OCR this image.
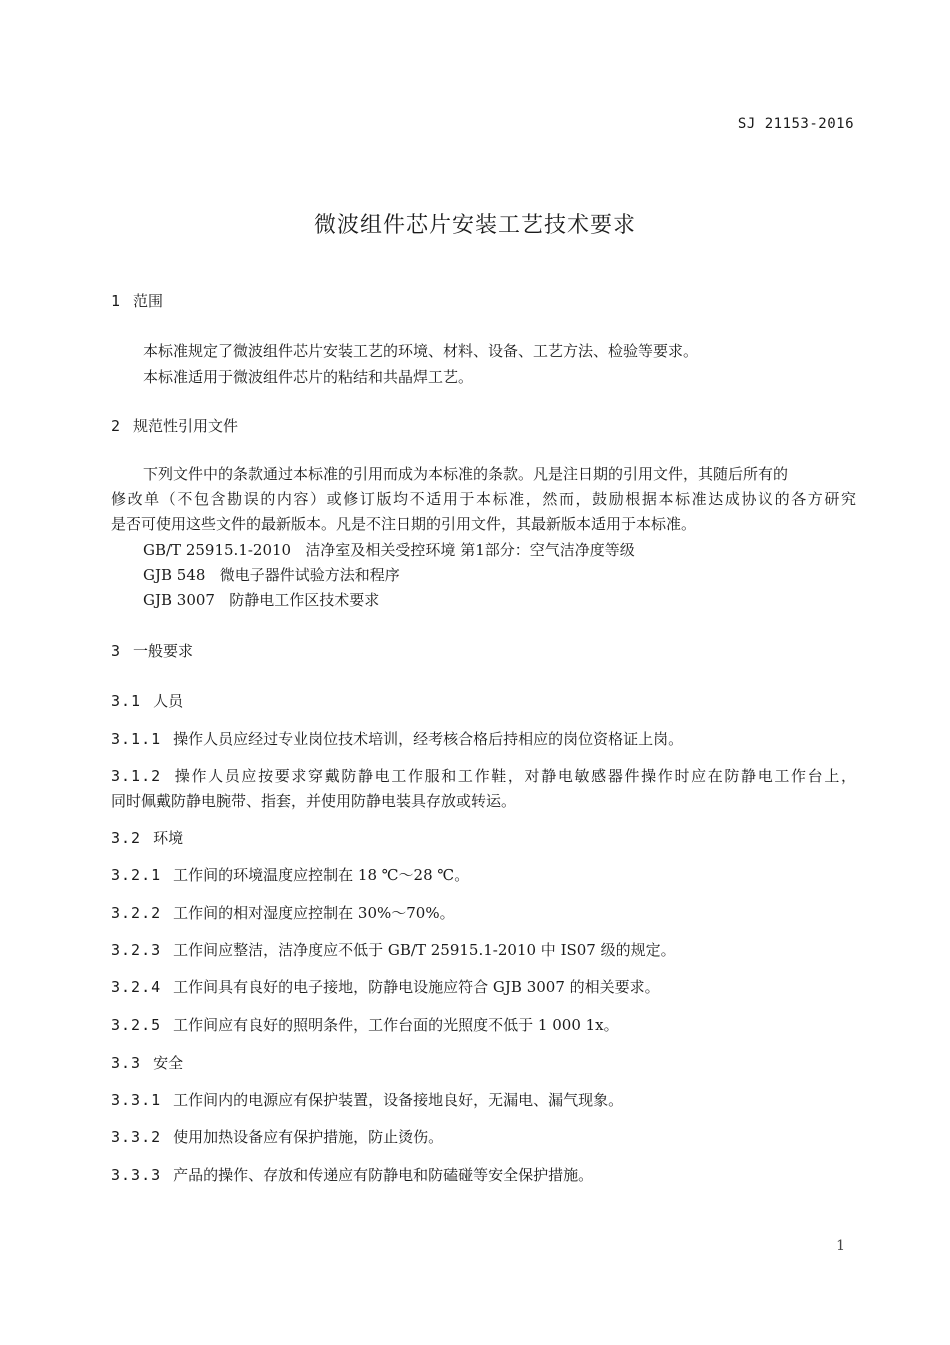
SJ 21153-2016
微波组件芯片安装工艺技术要求
1 范围
本标准规定了微波组件芯片安装工艺的环境、材料、设备、工艺方法、检验等要求。
本标准适用于微波组件芯片的粘结和共晶焊工艺。
2 规范性引用文件
下列文件中的条款通过本标准的引用而成为本标准的条款。凡是注日期的引用文件，其随后所有的
修改单（不包含勘误的内容）或修订版均不适用于本标准，然而，鼓励根据本标准达成协议的各方研究
是否可使用这些文件的最新版本。凡是不注日期的引用文件，其最新版本适用于本标准。
GB/T 25915.1-2010 洁净室及相关受控环境 第1部分：空气洁净度等级
GJB 548 微电子器件试验方法和程序
GJB 3007 防静电工作区技术要求
3 一般要求
3.1 人员
3.1.1 操作人员应经过专业岗位技术培训，经考核合格后持相应的岗位资格证上岗。
3.1.2 操作人员应按要求穿戴防静电工作服和工作鞋，对静电敏感器件操作时应在防静电工作台上，
同时佩戴防静电腕带、指套，并使用防静电装具存放或转运。
3.2 环境
3.2.1 工作间的环境温度应控制在 18 ℃～28 ℃。
3.2.2 工作间的相对湿度应控制在 30%～70%。
3.2.3 工作间应整洁，洁净度应不低于 GB/T 25915.1-2010 中 IS07 级的规定。
3.2.4 工作间具有良好的电子接地，防静电设施应符合 GJB 3007 的相关要求。
3.2.5 工作间应有良好的照明条件，工作台面的光照度不低于 1 000 1x。
3.3 安全
3.3.1 工作间内的电源应有保护装置，设备接地良好，无漏电、漏气现象。
3.3.2 使用加热设备应有保护措施，防止烫伤。
3.3.3 产品的操作、存放和传递应有防静电和防磕碰等安全保护措施。
1
